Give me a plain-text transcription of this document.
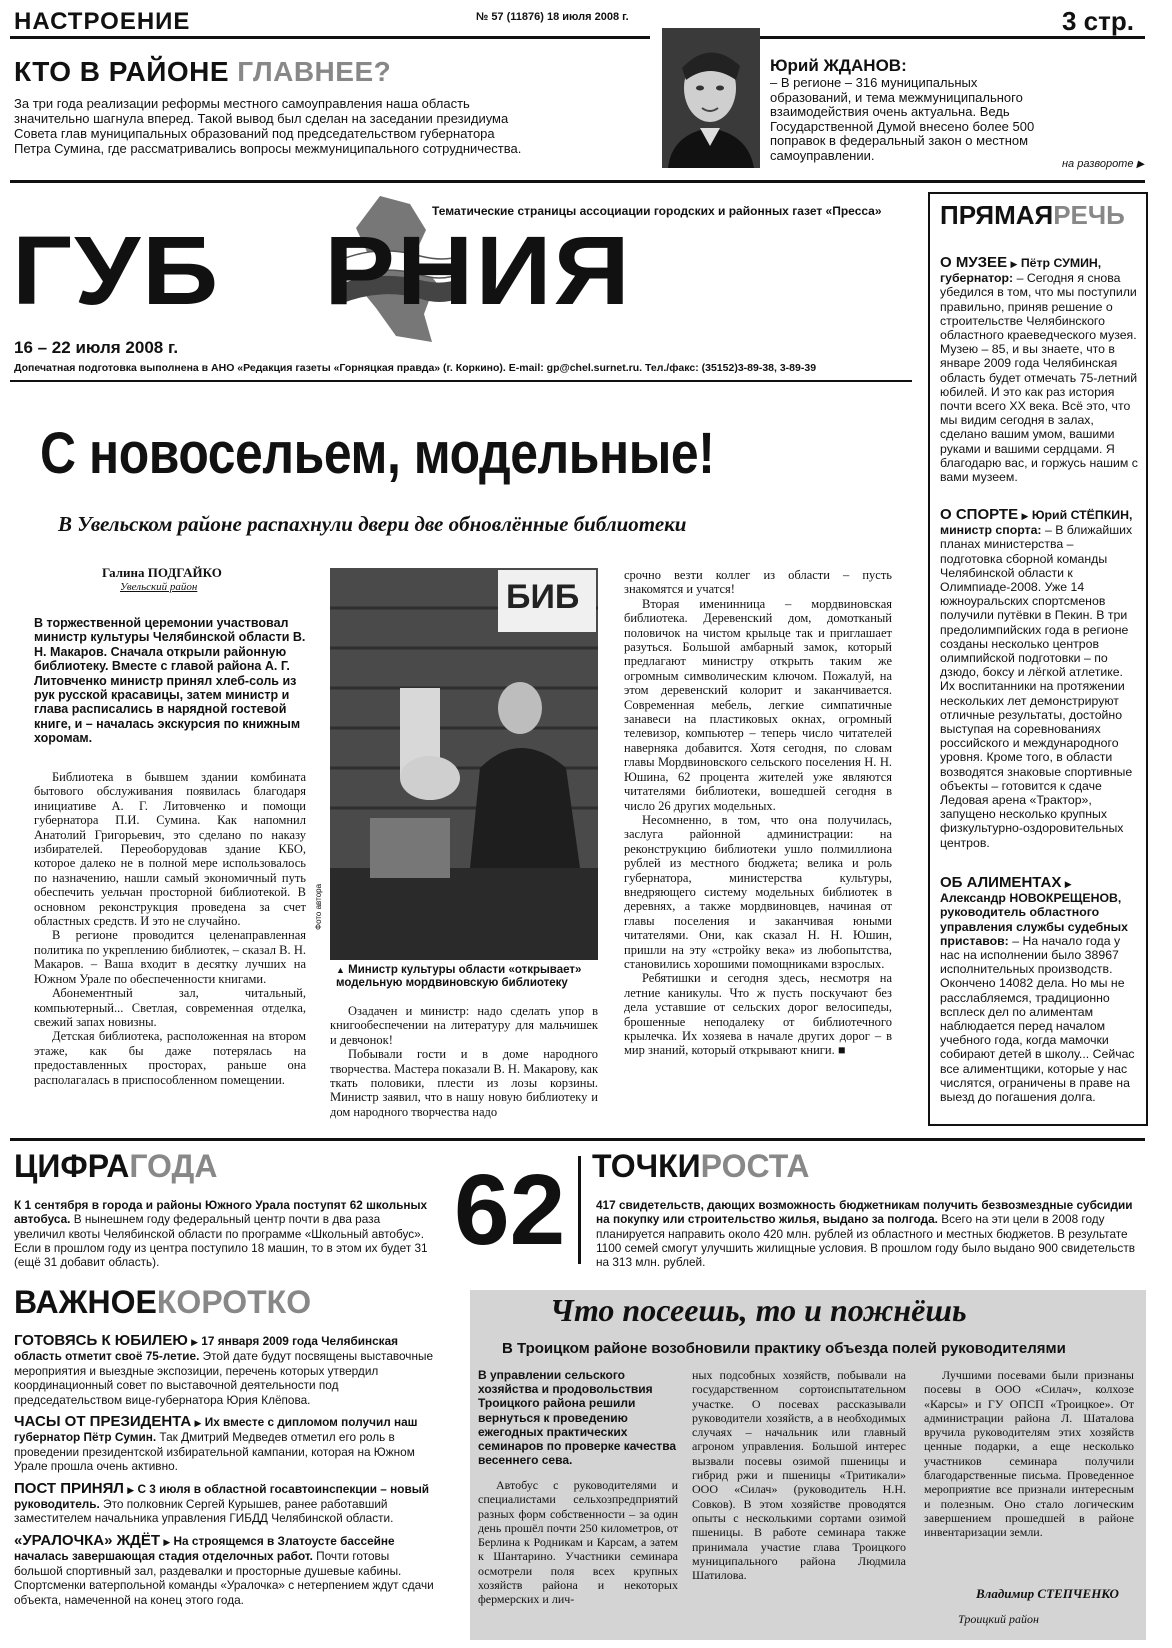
НАСТРОЕНИЕ	№ 57 (11876) 18 июля 2008 г.	3 стр.
КТО В РАЙОНЕ ГЛАВНЕЕ?
За три года реализации реформы местного самоуправления наша область значительно шагнула вперед. Такой вывод был сделан на заседании президиума Совета глав муниципальных образований под председательством губернатора Петра Сумина, где рассматривались вопросы межмуниципального сотрудничества.
Юрий ЖДАНОВ:
– В регионе – 316 муниципальных образований, и тема межмуниципального взаимодействия очень актуальна. Ведь Государственной Думой внесено более 500 поправок в федеральный закон о местном самоуправлении.
на развороте ▶
Тематические страницы ассоциации городских и районных газет «Пресса»
ГУБ РНИЯ
16 – 22 июля 2008 г.
Допечатная подготовка выполнена в АНО «Редакция газеты «Горняцкая правда» (г. Коркино). E-mail: gp@chel.surnet.ru. Тел./факс: (35152)3-89-38, 3-89-39
ПРЯМАЯРЕЧЬ
О МУЗЕЕ ▶ Пётр СУМИН, губернатор: – Сегодня я снова убедился в том, что мы поступили правильно, приняв решение о строительстве Челябинского областного краеведческого музея. Музею – 85, и вы знаете, что в январе 2009 года Челябинская область будет отмечать 75-летний юбилей. И это как раз история почти всего XX века. Всё это, что мы видим сегодня в залах, сделано вашим умом, вашими руками и вашими сердцами. Я благодарю вас, и горжусь нашим с вами музеем.
О СПОРТЕ ▶ Юрий СТЁПКИН, министр спорта: – В ближайших планах министерства – подготовка сборной команды Челябинской области к Олимпиаде-2008. Уже 14 южноуральских спортсменов получили путёвки в Пекин. В три предолимпийских года в регионе созданы несколько центров олимпийской подготовки – по дзюдо, боксу и лёгкой атлетике. Их воспитанники на протяжении нескольких лет демонстрируют отличные результаты, достойно выступая на соревнованиях российского и международного уровня. Кроме того, в области возводятся знаковые спортивные объекты – готовится к сдаче Ледовая арена «Трактор», запущено несколько крупных физкультурно-оздоровительных центров.
ОБ АЛИМЕНТАХ ▶ Александр НОВОКРЕЩЕНОВ, руководитель областного управления службы судебных приставов: – На начало года у нас на исполнении было 38967 исполнительных производств. Окончено 14082 дела. Но мы не расслабляемся, традиционно всплеск дел по алиментам наблюдается перед началом учебного года, когда мамочки собирают детей в школу... Сейчас все алиментщики, которые у нас числятся, ограничены в праве на выезд до погашения долга.
С новосельем, модельные!
В Увельском районе распахнули двери две обновлённые библиотеки
Галина ПОДГАЙКО
Увельский район
В торжественной церемонии участвовал министр культуры Челябинской области В. Н. Макаров. Сначала открыли районную библиотеку. Вместе с главой района А. Г. Литовченко министр принял хлеб-соль из рук русской красавицы, затем министр и глава расписались в нарядной гостевой книге, и – началась экскурсия по книжным хоромам.

Библиотека в бывшем здании комбината бытового обслуживания появилась благодаря инициативе А. Г. Литовченко и помощи губернатора П.И. Сумина. Как напомнил Анатолий Григорьевич, это сделано по наказу избирателей. Переоборудовав здание КБО, которое далеко не в полной мере использовалось по назначению, нашли самый экономичный путь обеспечить уельчан просторной библиотекой. В основном реконструкция проведена за счет областных средств. И это не случайно.

В регионе проводится целенаправленная политика по укреплению библиотек, – сказал В. Н. Макаров. – Ваша входит в десятку лучших на Южном Урале по обеспеченности книгами.

Абонементный зал, читальный, компьютерный... Светлая, современная отделка, свежий запах новизны.

Детская библиотека, расположенная на втором этаже, как бы даже потерялась на предоставленных просторах, раньше она располагалась в приспособленном помещении.

БИБ
Фото автора
▲ Министр культуры области «открывает» модельную мордвиновскую библиотеку

Озадачен и министр: надо сделать упор в книгообеспечении на литературу для мальчишек и девчонок!

Побывали гости и в доме народного творчества. Мастера показали В. Н. Макарову, как ткать половики, плести из лозы корзины. Министр заявил, что в нашу новую библиотеку и дом народного творчества надо

срочно везти коллег из области – пусть знакомятся и учатся!

Вторая именинница – мордвиновская библиотека. Деревенский дом, домотканый половичок на чистом крыльце так и приглашает разуться. Большой амбарный замок, который предлагают министру открыть таким же огромным символическим ключом. Пожалуй, на этом деревенский колорит и заканчивается. Современная мебель, легкие симпатичные занавеси на пластиковых окнах, огромный телевизор, компьютер – теперь число читателей наверняка добавится. Хотя сегодня, по словам главы Мордвиновского сельского поселения Н. Н. Юшина, 62 процента жителей уже являются читателями библиотеки, вошедшей сегодня в число 26 других модельных.

Несомненно, в том, что она получилась, заслуга районной администрации: на реконструкцию библиотеки ушло полмиллиона рублей из местного бюджета; велика и роль губернатора, министерства культуры, внедряющего систему модельных библиотек в деревнях, а также мордвиновцев, начиная от главы поселения и заканчивая юными читателями. Они, как сказал Н. Н. Юшин, пришли на эту «стройку века» из любопытства, становились хорошими помощниками взрослых.

Ребятишки и сегодня здесь, несмотря на летние каникулы. Что ж пусть поскучают без дела уставшие от сельских дорог велосипеды, брошенные неподалеку от библиотечного крылечка. Их хозяева в начале других дорог – в мир знаний, который открывают книги. ■

ЦИФРАГОДА
К 1 сентября в города и районы Южного Урала поступят 62 школьных автобуса. В нынешнем году федеральный центр почти в два раза увеличил квоты Челябинской области по программе «Школьный автобус». Если в прошлом году из центра поступило 18 машин, то в этом их будет 31 (ещё 31 добавит область).	62 ТОЧКИРОСТА
417 свидетельств, дающих возможность бюджетникам получить безвозмездные субсидии на покупку или строительство жилья, выдано за полгода. Всего на эти цели в 2008 году планируется направить около 420 млн. рублей из областного и местных бюджетов. В результате 1100 семей смогут улучшить жилищные условия. В прошлом году было выдано 900 свидетельств на 313 млн. рублей.
ВАЖНОЕКОРОТКО
ГОТОВЯСЬ К ЮБИЛЕЮ ▶ 17 января 2009 года Челябинская область отметит своё 75-летие. Этой дате будут посвящены выставочные мероприятия и выездные экспозиции, перечень которых утвердил координационный совет по выставочной деятельности под председательством вице-губернатора Юрия Клёпова.
ЧАСЫ ОТ ПРЕЗИДЕНТА ▶ Их вместе с дипломом получил наш губернатор Пётр Сумин. Так Дмитрий Медведев отметил его роль в проведении президентской избирательной кампании, которая на Южном Урале прошла очень активно.
ПОСТ ПРИНЯЛ ▶ С 3 июля в областной госавтоинспекции – новый руководитель. Это полковник Сергей Курышев, ранее работавший заместителем начальника управления ГИБДД Челябинской области.
«УРАЛОЧКА» ЖДЁТ ▶ На строящемся в Златоусте бассейне началась завершающая стадия отделочных работ. Почти готовы большой спортивный зал, раздевалки и просторные душевые кабины. Спортсменки ватерпольной команды «Уралочка» с нетерпением ждут сдачи объекта, намеченной на конец этого года.
Что посеешь, то и пожнёшь
В Троицком районе возобновили практику объезда полей руководителями
В управлении сельского хозяйства и продовольствия Троицкого района решили вернуться к проведению ежегодных практических семинаров по проверке качества весеннего сева.

Автобус с руководителями и специалистами сельхозпредприятий разных форм собственности – за один день прошёл почти 250 километров, от Берлина к Родникам и Карсам, а затем к Шантарино. Участники семинара осмотрели поля всех крупных хозяйств района и некоторых фермерских и лич-

ных подсобных хозяйств, побывали на государственном сортоиспытательном участке. О посевах рассказывали руководители хозяйств, а в необходимых случаях – начальник или главный агроном управления. Большой интерес вызвали посевы озимой пшеницы и гибрид ржи и пшеницы «Тритикали» ООО «Силач» (руководитель Н.Н. Совков). В этом хозяйстве проводятся опыты с несколькими сортами озимой пшеницы. В работе семинара также принимала участие глава Троицкого муниципального района Людмила Шатилова.

Лучшими посевами были признаны посевы в ООО «Силач», колхозе «Карсы» и ГУ ОПСП «Троицкое». От администрации района Л. Шаталова вручила руководителям этих хозяйств ценные подарки, а еще несколько участников семинара получили благодарственные письма. Проведенное мероприятие все признали интересным и полезным. Оно стало логическим завершением прошедшей в районе инвентаризации земли.

Владимир СТЕПЧЕНКО
Троицкий район
